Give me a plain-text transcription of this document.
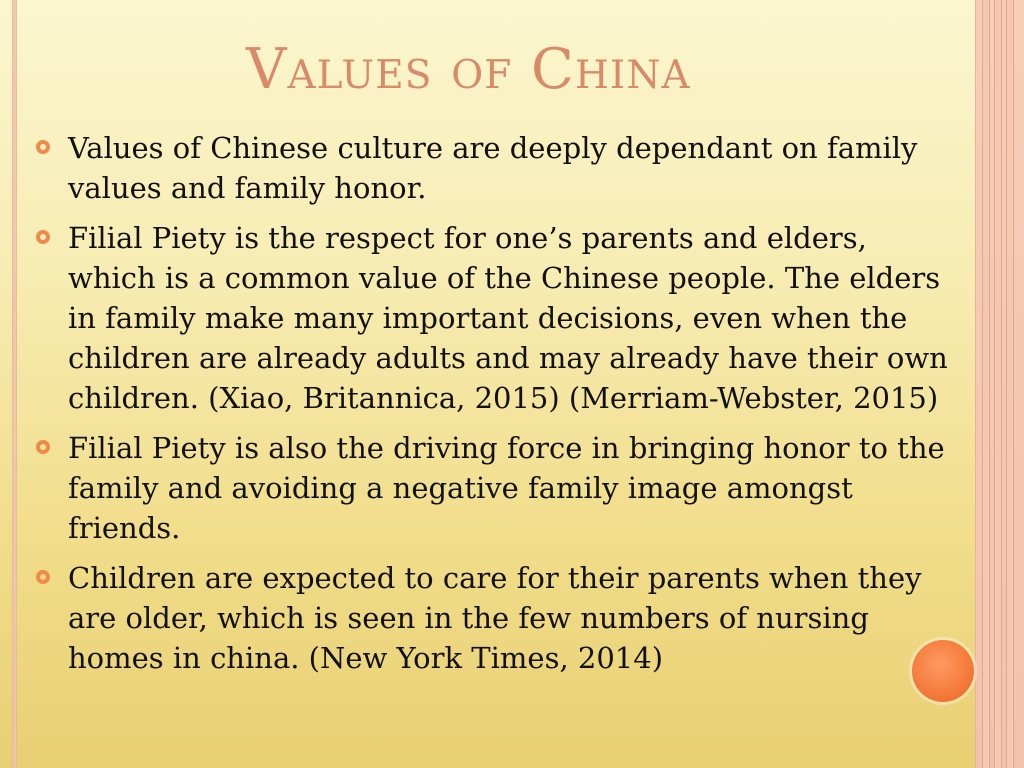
Values of China
Values of Chinese culture are deeply dependant on family values and family honor.
Filial Piety is the respect for one’s parents and elders, which is a common value of the Chinese people. The elders in family make many important decisions, even when the children are already adults and may already have their own children. (Xiao, Britannica, 2015) (Merriam-Webster, 2015)
Filial Piety is also the driving force in bringing honor to the family and avoiding a negative family image amongst friends.
Children are expected to care for their parents when they are older, which is seen in the few numbers of nursing homes in china. (New York Times, 2014)
